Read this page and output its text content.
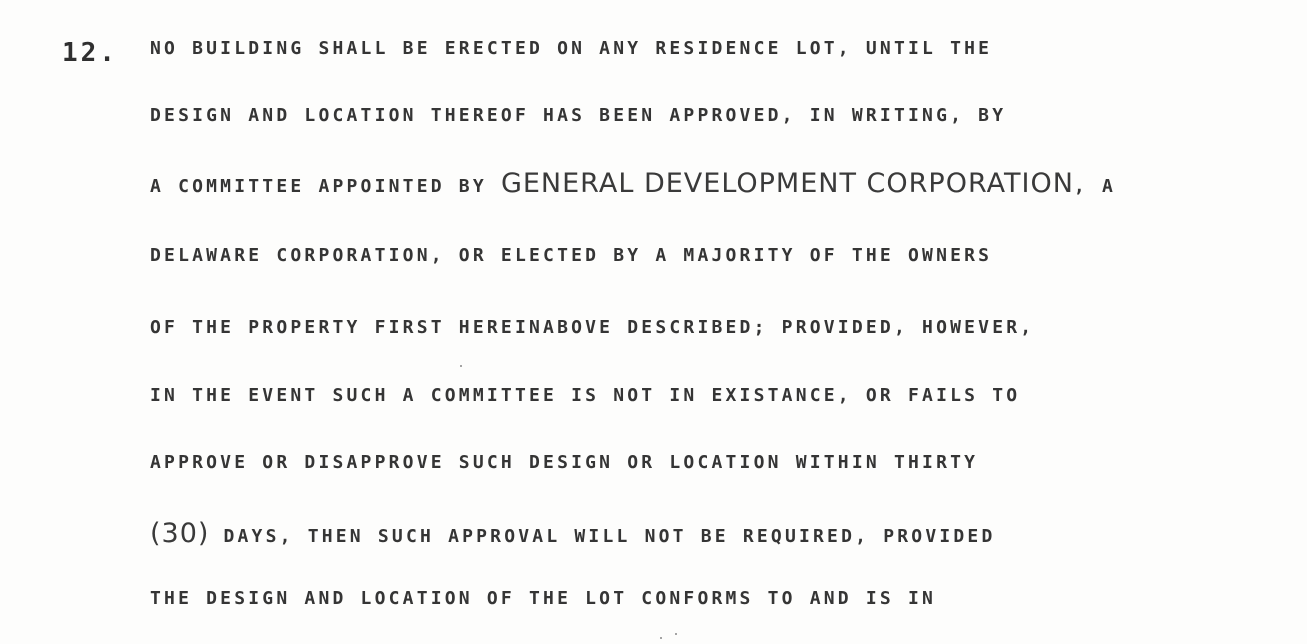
12. NO BUILDING SHALL BE ERECTED ON ANY RESIDENCE LOT, UNTIL THE
DESIGN AND LOCATION THEREOF HAS BEEN APPROVED, IN WRITING, BY
A COMMITTEE APPOINTED BY GENERAL DEVELOPMENT CORPORATION, A
DELAWARE CORPORATION, OR ELECTED BY A MAJORITY OF THE OWNERS
OF THE PROPERTY FIRST HEREINABOVE DESCRIBED; PROVIDED, HOWEVER,
IN THE EVENT SUCH A COMMITTEE IS NOT IN EXISTANCE, OR FAILS TO
APPROVE OR DISAPPROVE SUCH DESIGN OR LOCATION WITHIN THIRTY
(30) DAYS, THEN SUCH APPROVAL WILL NOT BE REQUIRED, PROVIDED
THE DESIGN AND LOCATION OF THE LOT CONFORMS TO AND IS IN
